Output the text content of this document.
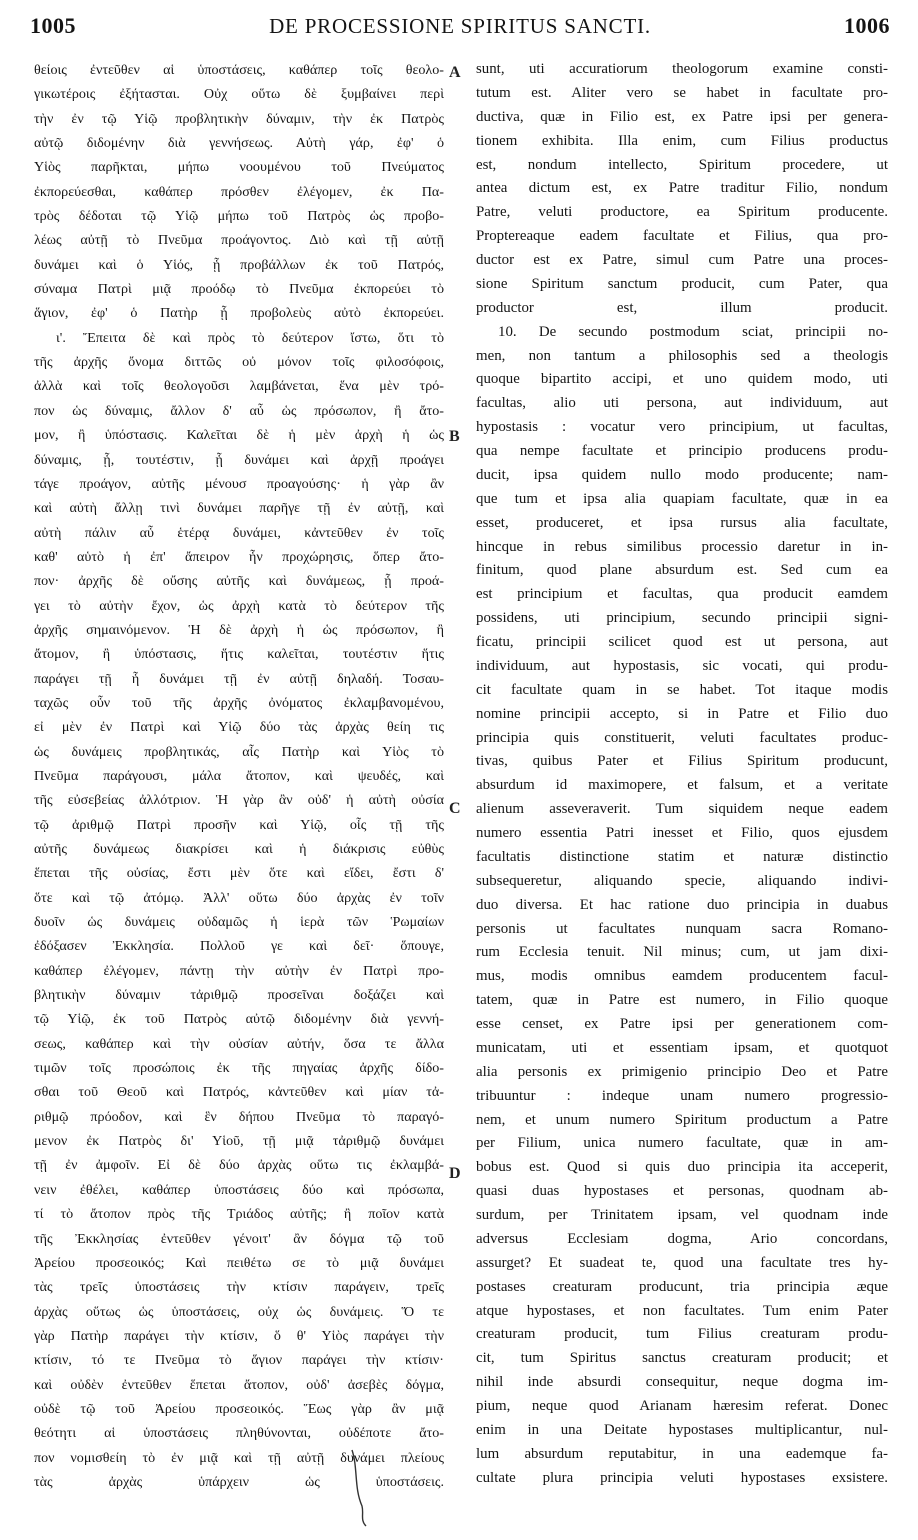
1005	DE PROCESSIONE SPIRITUS SANCTI.	1006
θείοις ἐντεῦθεν αἱ ὑποστάσεις, καθάπερ τοῖς θεολο-
γικωτέροις ἐξήτασται. Οὐχ οὕτω δὲ ξυμβαίνει περὶ
τὴν ἐν τῷ Υἱῷ προβλητικὴν δύναμιν, τὴν ἐκ Πατρὸς
αὐτῷ διδομένην διὰ γεννήσεως. Αὐτὴ γάρ, ἐφ' ὁ
Υἱὸς παρῆκται, μήπω νοουμένου τοῦ Πνεύματος
ἐκπορεύεσθαι, καθάπερ πρόσθεν ἐλέγομεν, ἐκ Πα-
τρὸς δέδοται τῷ Υἱῷ μήπω τοῦ Πατρὸς ὡς προβο-
λέως αὐτῇ τὸ Πνεῦμα προάγοντος. Διὸ καὶ τῇ αὐτῇ
δυνάμει καὶ ὁ Υἱός, ᾗ προβάλλων ἐκ τοῦ Πατρός,
σύναμα Πατρὶ μιᾷ προόδῳ τὸ Πνεῦμα ἐκπορεύει τὸ
ἅγιον, ἐφ' ὁ Πατὴρ ᾗ προβολεὺς αὐτὸ ἐκπορεύει.
ι'. Ἔπειτα δὲ καὶ πρὸς τὸ δεύτερον ἴστω, ὅτι τὸ
τῆς ἀρχῆς ὄνομα διττῶς οὐ μόνον τοῖς φιλοσόφοις,
ἀλλὰ καὶ τοῖς θεολογοῦσι λαμβάνεται, ἕνα μὲν τρό-
πον ὡς δύναμις, ἄλλον δ' αὖ ὡς πρόσωπον, ἢ ἄτο-
μον, ἢ ὑπόστασις. Καλεῖται δὲ ἡ μὲν ἀρχὴ ἡ ὡς
δύναμις, ᾗ, τουτέστιν, ᾗ δυνάμει καὶ ἀρχῇ προάγει
τάγε προάγον, αὐτῆς μένουσ προαγούσης· ἡ γὰρ ἂν
καὶ αὐτὴ ἄλλῃ τινὶ δυνάμει παρῆγε τῇ ἐν αὐτῇ, καὶ
αὐτὴ πάλιν αὖ ἑτέρᾳ δυνάμει, κἀντεῦθεν ἐν τοῖς
καθ' αὑτὸ ἡ ἐπ' ἄπειρον ἦν προχώρησις, ὅπερ ἄτο-
πον· ἀρχῆς δὲ οὔσης αὐτῆς καὶ δυνάμεως, ᾗ προά-
γει τὸ αὐτὴν ἔχον, ὡς ἀρχὴ κατὰ τὸ δεύτερον τῆς
ἀρχῆς σημαινόμενον. Ἡ δὲ ἀρχὴ ἡ ὡς πρόσωπον, ἢ
ἄτομον, ἢ ὑπόστασις, ἥτις καλεῖται, τουτέστιν ἥτις
παράγει τῇ ἧ δυνάμει τῇ ἐν αὐτῇ δηλαδή. Τοσαυ-
ταχῶς οὖν τοῦ τῆς ἀρχῆς ὀνόματος ἐκλαμβανομένου,
εἰ μὲν ἐν Πατρὶ καὶ Υἱῷ δύο τὰς ἀρχὰς θείη τις
ὡς δυνάμεις προβλητικάς, αἷς Πατὴρ καὶ Υἱὸς τὸ
Πνεῦμα παράγουσι, μάλα ἄτοπον, καὶ ψευδές, καὶ
τῆς εὐσεβείας ἀλλότριον. Ἡ γὰρ ἂν οὐδ' ἡ αὐτὴ οὐσία
τῷ ἀριθμῷ Πατρὶ προσῆν καὶ Υἱῷ, οἷς τῇ τῆς
αὐτῆς δυνάμεως διακρίσει καὶ ἡ διάκρισις εὐθὺς
ἕπεται τῆς οὐσίας, ἔστι μὲν ὅτε καὶ εἴδει, ἔστι δ'
ὅτε καὶ τῷ ἀτόμῳ. Ἀλλ' οὕτω δύο ἀρχὰς ἐν τοῖν
δυοῖν ὡς δυνάμεις οὐδαμῶς ἡ ἱερὰ τῶν Ῥωμαίων
ἐδόξασεν Ἐκκλησία. Πολλοῦ γε καὶ δεῖ· ὅπουγε,
καθάπερ ἐλέγομεν, πάντῃ τὴν αὐτὴν ἐν Πατρὶ προ-
βλητικὴν δύναμιν τἀριθμῷ προσεῖναι δοξάζει καὶ
τῷ Υἱῷ, ἐκ τοῦ Πατρὸς αὐτῷ διδομένην διὰ γεννή-
σεως, καθάπερ καὶ τὴν οὐσίαν αὐτήν, ὅσα τε ἄλλα
τιμῶν τοῖς προσώποις ἐκ τῆς πηγαίας ἀρχῆς δίδο-
σθαι τοῦ Θεοῦ καὶ Πατρός, κἀντεῦθεν καὶ μίαν τἀ-
ριθμῷ πρόοδον, καὶ ἓν δήπου Πνεῦμα τὸ παραγό-
μενον ἐκ Πατρὸς δι' Υἱοῦ, τῇ μιᾷ τἀριθμῷ δυνάμει
τῇ ἐν ἀμφοῖν. Εἰ δὲ δύο ἀρχὰς οὕτω τις ἐκλαμβά-
νειν ἐθέλει, καθάπερ ὑποστάσεις δύο καὶ πρόσωπα,
τί τὸ ἄτοπον πρὸς τῆς Τριάδος αὐτῆς; ἢ ποῖον κατὰ
τῆς Ἐκκλησίας ἐντεῦθεν γένοιτ' ἂν δόγμα τῷ τοῦ
Ἀρείου προσεοικός; Καὶ πειθέτω σε τὸ μιᾷ δυνάμει
τὰς τρεῖς ὑποστάσεις τὴν κτίσιν παράγειν, τρεῖς
ἀρχὰς οὕτως ὡς ὑποστάσεις, οὐχ ὡς δυνάμεις. Ὅ τε
γὰρ Πατὴρ παράγει τὴν κτίσιν, ὅ θ' Υἱὸς παράγει τὴν
κτίσιν, τό τε Πνεῦμα τὸ ἅγιον παράγει τὴν κτίσιν·
καὶ οὐδὲν ἐντεῦθεν ἕπεται ἄτοπον, οὐδ' ἀσεβὲς δόγμα,
οὐδὲ τῷ τοῦ Ἀρείου προσεοικός. Ἕως γὰρ ἂν μιᾷ
θεότητι αἱ ὑποστάσεις πληθύνονται, οὐδέποτε ἄτο-
πον νομισθείη τὸ ἐν μιᾷ καὶ τῇ αὐτῇ δυνάμει πλείους
τὰς ἀρχὰς ὑπάρχειν ὡς ὑποστάσεις.
sunt, uti accuratiorum theologorum examine consti-
tutum est. Aliter vero se habet in facultate pro-
ductiva, quæ in Filio est, ex Patre ipsi per genera-
tionem exhibita. Illa enim, cum Filius productus
est, nondum intellecto, Spiritum procedere, ut
antea dictum est, ex Patre traditur Filio, nondum
Patre, veluti productore, ea Spiritum producente.
Proptereaque eadem facultate et Filius, qua pro-
ductor est ex Patre, simul cum Patre una proces-
sione Spiritum sanctum producit, cum Pater, qua
productor est, illum producit.
10. De secundo postmodum sciat, principii no-
men, non tantum a philosophis sed a theologis
quoque bipartito accipi, et uno quidem modo, uti
facultas, alio uti persona, aut individuum, aut
hypostasis : vocatur vero principium, ut facultas,
qua nempe facultate et principio producens produ-
ducit, ipsa quidem nullo modo producente; nam-
que tum et ipsa alia quapiam facultate, quæ in ea
esset, produceret, et ipsa rursus alia facultate,
hincque in rebus similibus processio daretur in in-
finitum, quod plane absurdum est. Sed cum ea
est principium et facultas, qua producit eamdem
possidens, uti principium, secundo principii signi-
ficatu, principii scilicet quod est ut persona, aut
individuum, aut hypostasis, sic vocati, qui produ-
cit facultate quam in se habet. Tot itaque modis
nomine principii accepto, si in Patre et Filio duo
principia quis constituerit, veluti facultates produc-
tivas, quibus Pater et Filius Spiritum producunt,
absurdum id maximopere, et falsum, et a veritate
alienum asseveraverit. Tum siquidem neque eadem
numero essentia Patri inesset et Filio, quos ejusdem
facultatis distinctione statim et naturæ distinctio
subsequeretur, aliquando specie, aliquando indivi-
duo diversa. Et hac ratione duo principia in duabus
personis ut facultates nunquam sacra Romano-
rum Ecclesia tenuit. Nil minus; cum, ut jam dixi-
mus, modis omnibus eamdem producentem facul-
tatem, quæ in Patre est numero, in Filio quoque
esse censet, ex Patre ipsi per generationem com-
municatam, uti et essentiam ipsam, et quotquot
alia personis ex primigenio principio Deo et Patre
tribuuntur : indeque unam numero progressio-
nem, et unum numero Spiritum productum a Patre
per Filium, unica numero facultate, quæ in am-
bobus est. Quod si quis duo principia ita acceperit,
quasi duas hypostases et personas, quodnam ab-
surdum, per Trinitatem ipsam, vel quodnam inde
adversus Ecclesiam dogma, Ario concordans,
assurget? Et suadeat te, quod una facultate tres hy-
postases creaturam producunt, tria principia æque
atque hypostases, et non facultates. Tum enim Pater
creaturam producit, tum Filius creaturam produ-
cit, tum Spiritus sanctus creaturam producit; et
nihil inde absurdi consequitur, neque dogma im-
pium, neque quod Arianam hæresim referat. Donec
enim in una Deitate hypostases multiplicantur, nul-
lum absurdum reputabitur, in una eademque fa-
cultate plura principia veluti hypostases exsistere.
A
B
C
D
